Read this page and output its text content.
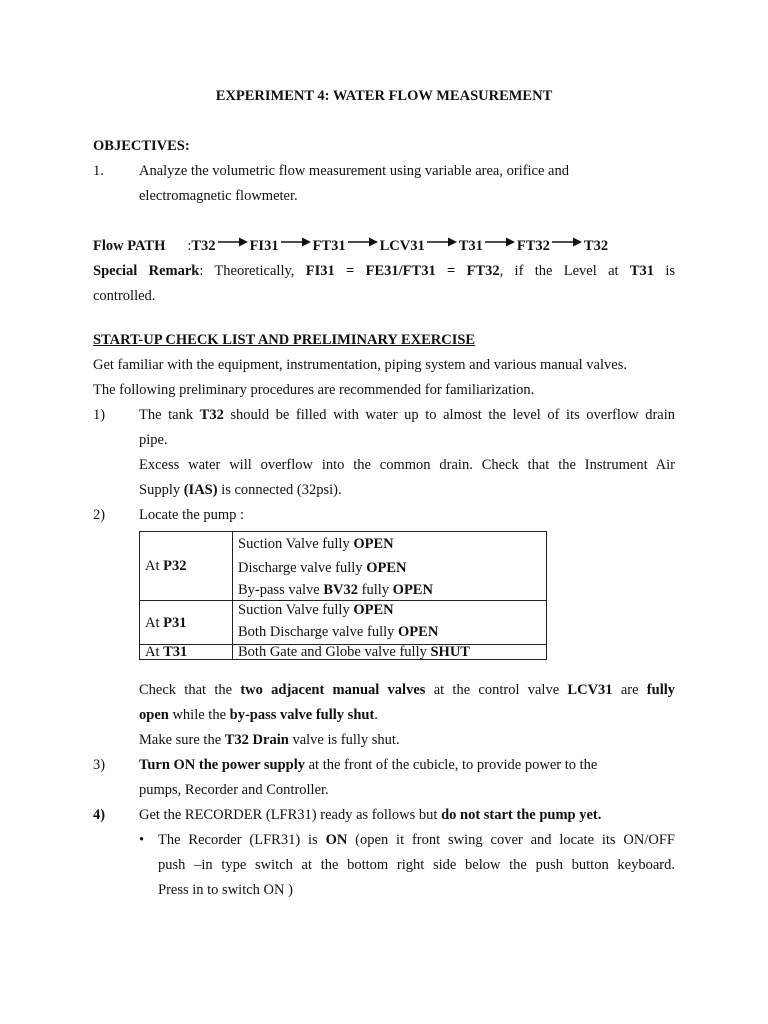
EXPERIMENT 4: WATER FLOW MEASUREMENT
OBJECTIVES:
1.	Analyze the volumetric flow measurement using variable area, orifice and
electromagnetic flowmeter.
Flow PATH : T32 FI31 FT31 LCV31 T31 FT32 T32
Special Remark: Theoretically, FI31 = FE31/FT31 = FT32, if the Level at T31 is
controlled.
START-UP CHECK LIST AND PRELIMINARY EXERCISE
Get familiar with the equipment, instrumentation, piping system and various manual valves.
The following preliminary procedures are recommended for familiarization.
1)	The tank T32 should be filled with water up to almost the level of its overflow drain
pipe.
Excess water will overflow into the common drain. Check that the Instrument Air
Supply (IAS) is connected (32psi).
2)	Locate the pump :
At P32	Suction Valve fully OPEN
Discharge valve fully OPEN
By-pass valve BV32 fully OPEN

At P31	Suction Valve fully OPEN
Both Discharge valve fully OPEN

At T31	Both Gate and Globe valve fully SHUT
Check that the two adjacent manual valves at the control valve LCV31 are fully
open while the by-pass valve fully shut.
Make sure the T32 Drain valve is fully shut.
3)	Turn ON the power supply at the front of the cubicle, to provide power to the
pumps, Recorder and Controller.
4)	Get the RECORDER (LFR31) ready as follows but do not start the pump yet.
• The Recorder (LFR31) is ON (open it front swing cover and locate its ON/OFF
push –in type switch at the bottom right side below the push button keyboard.
Press in to switch ON )
